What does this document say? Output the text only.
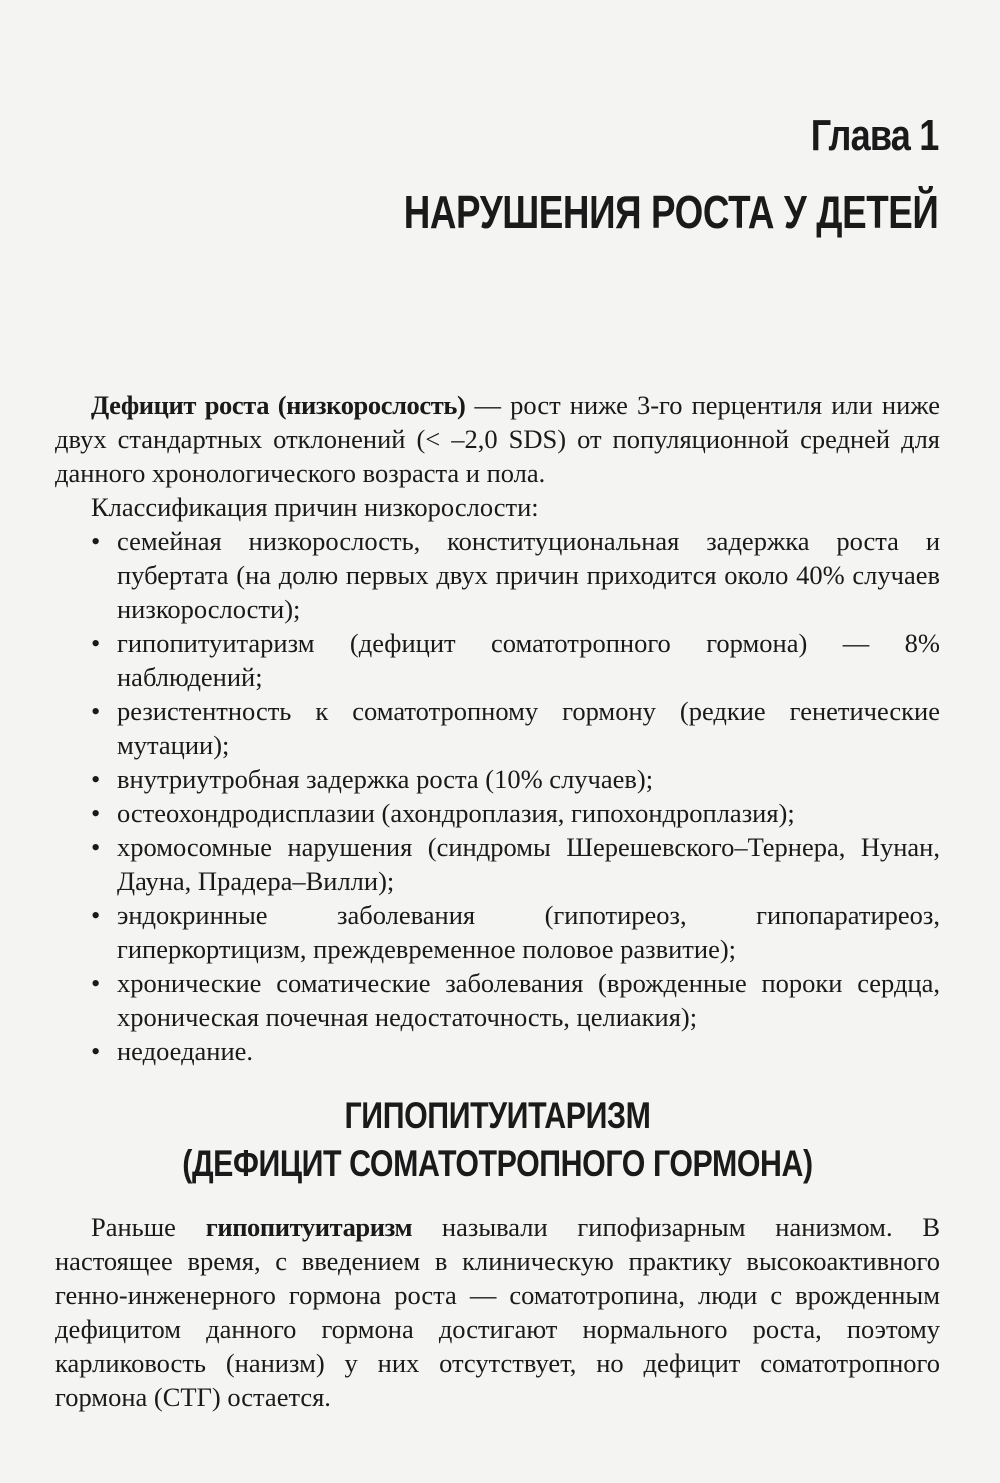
Глава 1
НАРУШЕНИЯ РОСТА У ДЕТЕЙ

Дефицит роста (низкорослость) — рост ниже 3-го перцентиля или ниже двух стандартных отклонений (< –2,0 SDS) от популяционной средней для данного хронологического возраста и пола.

Классификация причин низкорослости:

• семейная низкорослость, конституциональная задержка роста и пубертата (на долю первых двух причин приходится около 40% случаев низкорослости);
• гипопитуитаризм (дефицит соматотропного гормона) — 8% наблюдений;
• резистентность к соматотропному гормону (редкие генетические мутации);
• внутриутробная задержка роста (10% случаев);
• остеохондродисплазии (ахондроплазия, гипохондроплазия);
• хромосомные нарушения (синдромы Шерешевского–Тернера, Нунан, Дауна, Прадера–Вилли);
• эндокринные заболевания (гипотиреоз, гипопаратиреоз, гиперкортицизм, преждевременное половое развитие);
• хронические соматические заболевания (врожденные пороки сердца, хроническая почечная недостаточность, целиакия);
• недоедание.
ГИПОПИТУИТАРИЗМ
(ДЕФИЦИТ СОМАТОТРОПНОГО ГОРМОНА)

Раньше гипопитуитаризм называли гипофизарным нанизмом. В настоящее время, с введением в клиническую практику высокоактивного генно-инженерного гормона роста — соматотропина, люди с врожденным дефицитом данного гормона достигают нормального роста, поэтому карликовость (нанизм) у них отсутствует, но дефицит соматотропного гормона (СТГ) остается.
